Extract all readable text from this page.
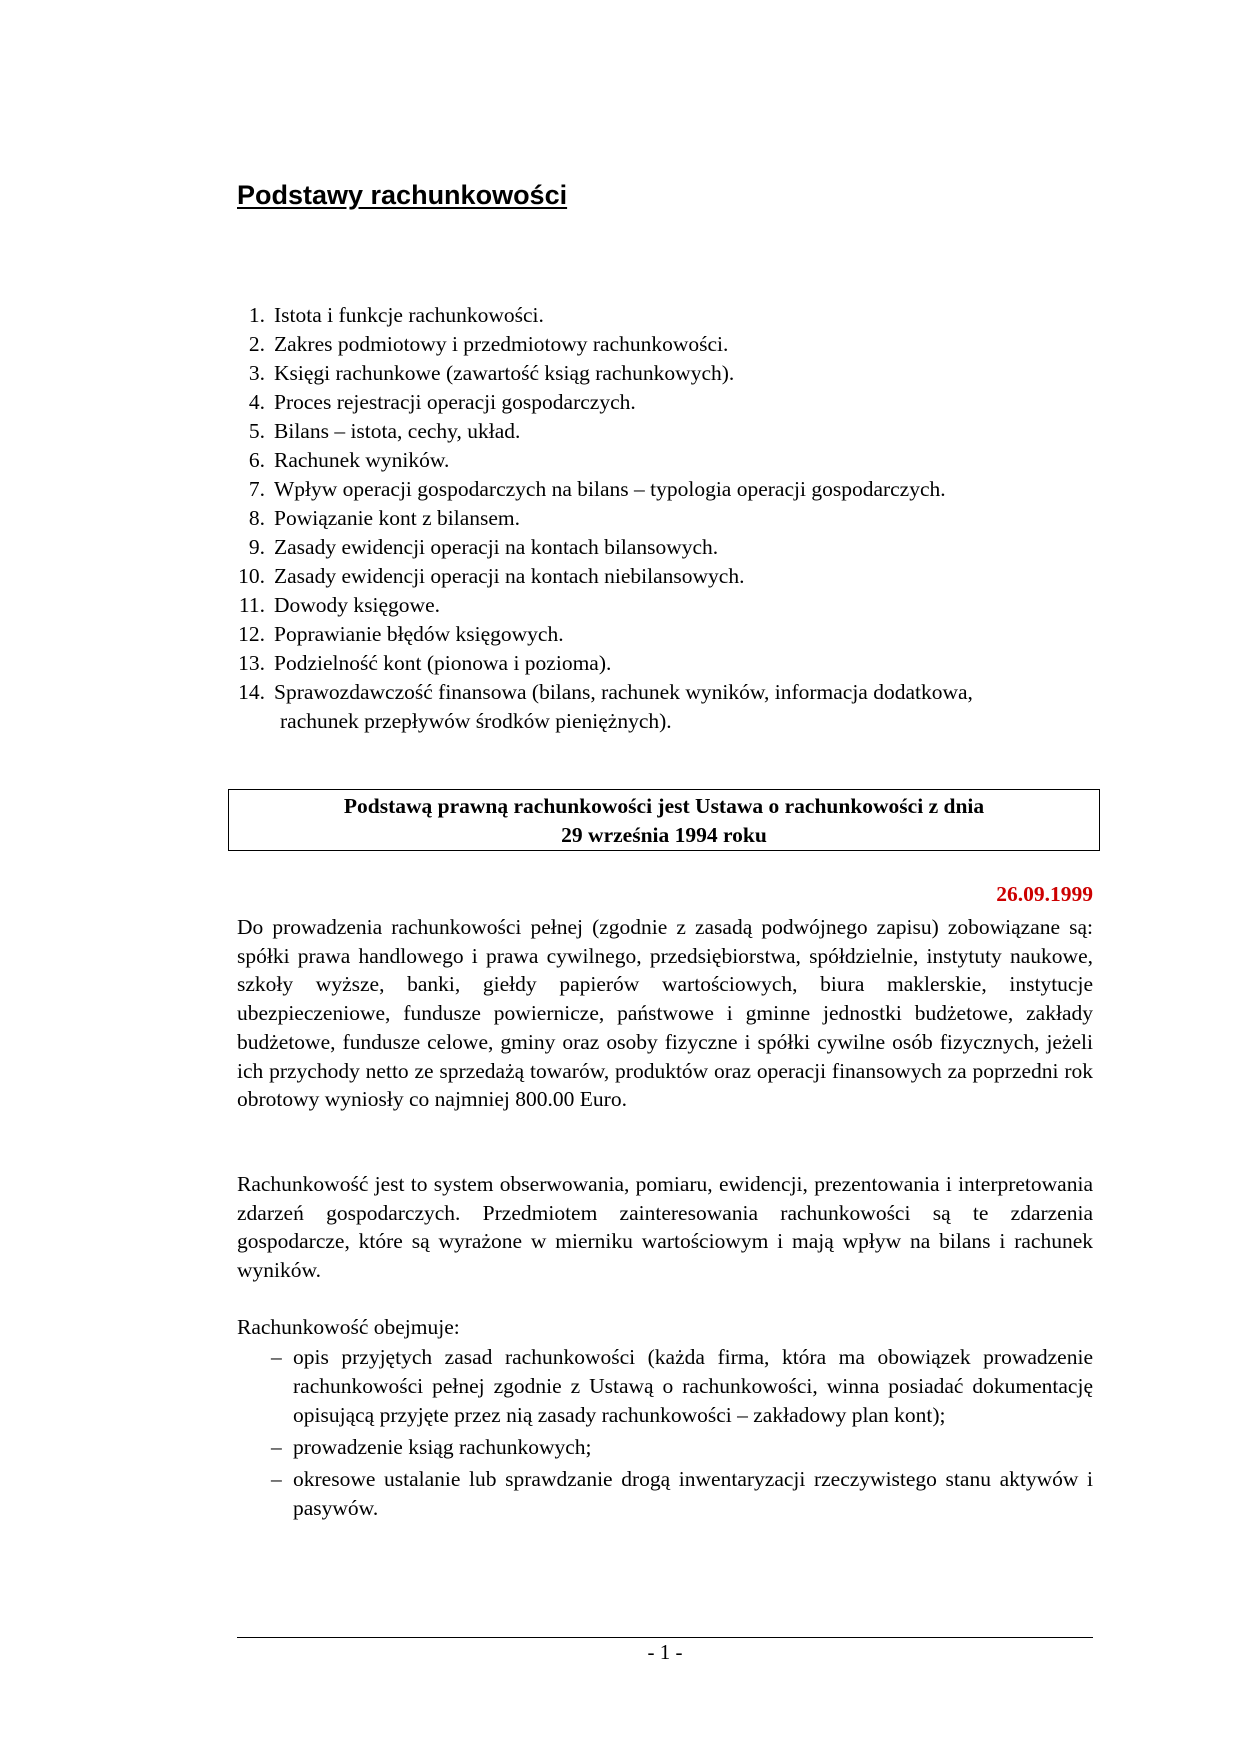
Podstawy rachunkowości
1. Istota i funkcje rachunkowości.
2. Zakres podmiotowy i przedmiotowy rachunkowości.
3. Księgi rachunkowe (zawartość ksiąg rachunkowych).
4. Proces rejestracji operacji gospodarczych.
5. Bilans – istota, cechy, układ.
6. Rachunek wyników.
7. Wpływ operacji gospodarczych na bilans – typologia operacji gospodarczych.
8. Powiązanie kont z bilansem.
9. Zasady ewidencji operacji na kontach bilansowych.
10. Zasady ewidencji operacji na kontach niebilansowych.
11. Dowody księgowe.
12. Poprawianie błędów księgowych.
13. Podzielność kont (pionowa i pozioma).
14. Sprawozdawczość finansowa (bilans, rachunek wyników, informacja dodatkowa,
rachunek przepływów środków pieniężnych).
Podstawą prawną rachunkowości jest Ustawa o rachunkowości z dnia
29 września 1994 roku
26.09.1999

Do prowadzenia rachunkowości pełnej (zgodnie z zasadą podwójnego zapisu) zobowiązane są: spółki prawa handlowego i prawa cywilnego, przedsiębiorstwa, spółdzielnie, instytuty naukowe, szkoły wyższe, banki, giełdy papierów wartościowych, biura maklerskie, instytucje ubezpieczeniowe, fundusze powiernicze, państwowe i gminne jednostki budżetowe, zakłady budżetowe, fundusze celowe, gminy oraz osoby fizyczne i spółki cywilne osób fizycznych, jeżeli ich przychody netto ze sprzedażą towarów, produktów oraz operacji finansowych za poprzedni rok obrotowy wyniosły co najmniej 800.00 Euro.

Rachunkowość jest to system obserwowania, pomiaru, ewidencji, prezentowania i interpretowania zdarzeń gospodarczych. Przedmiotem zainteresowania rachunkowości są te zdarzenia gospodarcze, które są wyrażone w mierniku wartościowym i mają wpływ na bilans i rachunek wyników.

Rachunkowość obejmuje:

– opis przyjętych zasad rachunkowości (każda firma, która ma obowiązek prowadzenie rachunkowości pełnej zgodnie z Ustawą o rachunkowości, winna posiadać dokumentację opisującą przyjęte przez nią zasady rachunkowości – zakładowy plan kont);
– prowadzenie ksiąg rachunkowych;
– okresowe ustalanie lub sprawdzanie drogą inwentaryzacji rzeczywistego stanu aktywów i pasywów.
- 1 -
